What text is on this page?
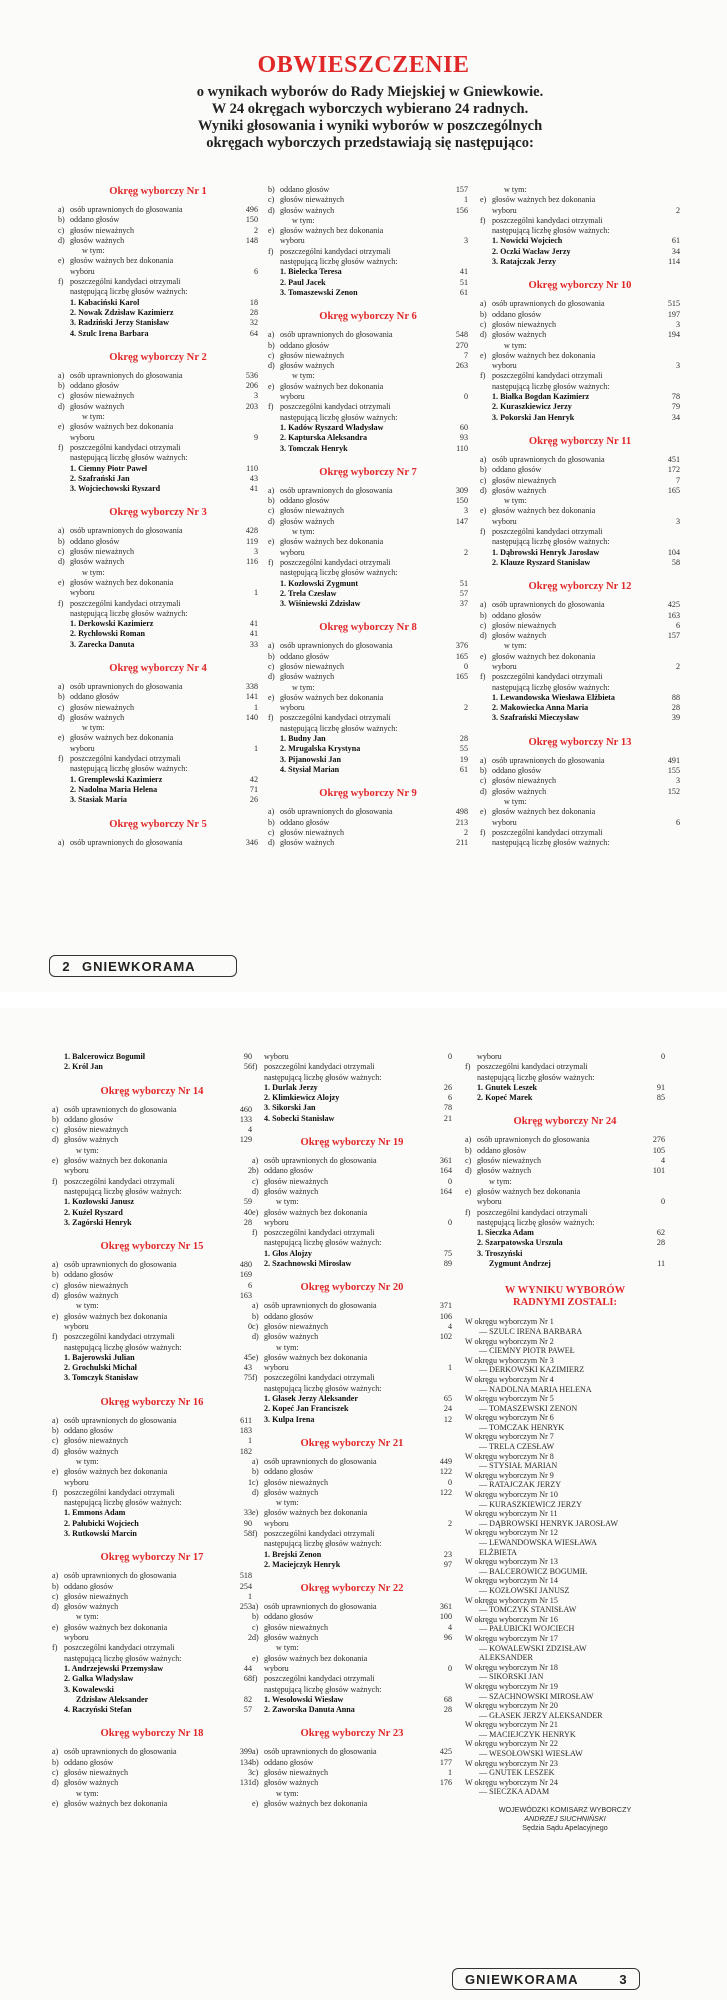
OBWIESZCZENIE
o wynikach wyborów do Rady Miejskiej w Gniewkowie.
W 24 okręgach wyborczych wybierano 24 radnych.
Wyniki głosowania i wyniki wyborów w poszczególnych
okręgach wyborczych przedstawiają się następująco:
Okręg wyborczy Nr 1
a) osób uprawnionych do głosowania	496
b) oddano głosów	150
c) głosów nieważnych	2
d) głosów ważnych	148
w tym:
e) głosów ważnych bez dokonania
wyboru	6
f) poszczególni kandydaci otrzymali
następującą liczbę głosów ważnych:
1. Kabaciński Karol	18
2. Nowak Zdzisław Kazimierz	28
3. Radziński Jerzy Stanisław	32
4. Szulc Irena Barbara	64
Okręg wyborczy Nr 2
a) osób uprawnionych do głosowania	536
b) oddano głosów	206
c) głosów nieważnych	3
d) głosów ważnych	203
w tym:
e) głosów ważnych bez dokonania
wyboru	9
f) poszczególni kandydaci otrzymali
następującą liczbę głosów ważnych:
1. Ciemny Piotr Paweł	110
2. Szafrański Jan	43
3. Wojciechowski Ryszard	41
Okręg wyborczy Nr 3
a) osób uprawnionych do głosowania	428
b) oddano głosów	119
c) głosów nieważnych	3
d) głosów ważnych	116
w tym:
e) głosów ważnych bez dokonania
wyboru	1
f) poszczególni kandydaci otrzymali
następującą liczbę głosów ważnych:
1. Derkowski Kazimierz	41
2. Rychłowski Roman	41
3. Zarecka Danuta	33
Okręg wyborczy Nr 4
a) osób uprawnionych do głosowania	338
b) oddano głosów	141
c) głosów nieważnych	1
d) głosów ważnych	140
w tym:
e) głosów ważnych bez dokonania
wyboru	1
f) poszczególni kandydaci otrzymali
następującą liczbę głosów ważnych:
1. Gremplewski Kazimierz	42
2. Nadolna Maria Helena	71
3. Stasiak Maria	26
Okręg wyborczy Nr 5
a) osób uprawnionych do głosowania	346
b) oddano głosów	157
c) głosów nieważnych	1
d) głosów ważnych	156
w tym:
e) głosów ważnych bez dokonania
wyboru	3
f) poszczególni kandydaci otrzymali
następującą liczbę głosów ważnych:
1. Bielecka Teresa	41
2. Paul Jacek	51
3. Tomaszewski Zenon	61
Okręg wyborczy Nr 6
a) osób uprawnionych do głosowania	548
b) oddano głosów	270
c) głosów nieważnych	7
d) głosów ważnych	263
w tym:
e) głosów ważnych bez dokonania
wyboru	0
f) poszczególni kandydaci otrzymali
następującą liczbę głosów ważnych:
1. Kadów Ryszard Władysław	60
2. Kapturska Aleksandra	93
3. Tomczak Henryk	110
Okręg wyborczy Nr 7
a) osób uprawnionych do głosowania	309
b) oddano głosów	150
c) głosów nieważnych	3
d) głosów ważnych	147
w tym:
e) głosów ważnych bez dokonania
wyboru	2
f) poszczególni kandydaci otrzymali
następującą liczbę głosów ważnych:
1. Kozłowski Zygmunt	51
2. Trela Czesław	57
3. Wiśniewski Zdzisław	37
Okręg wyborczy Nr 8
a) osób uprawnionych do głosowania	376
b) oddano głosów	165
c) głosów nieważnych	0
d) głosów ważnych	165
w tym:
e) głosów ważnych bez dokonania
wyboru	2
f) poszczególni kandydaci otrzymali
następującą liczbę głosów ważnych:
1. Budny Jan	28
2. Mrugalska Krystyna	55
3. Pijanowski Jan	19
4. Stysiał Marian	61
Okręg wyborczy Nr 9
a) osób uprawnionych do głosowania	498
b) oddano głosów	213
c) głosów nieważnych	2
d) głosów ważnych	211
w tym:
e) głosów ważnych bez dokonania
wyboru	2
f) poszczególni kandydaci otrzymali
następującą liczbę głosów ważnych:
1. Nowicki Wojciech	61
2. Oczki Wacław Jerzy	34
3. Ratajczak Jerzy	114
Okręg wyborczy Nr 10
a) osób uprawnionych do głosowania	515
b) oddano głosów	197
c) głosów nieważnych	3
d) głosów ważnych	194
w tym:
e) głosów ważnych bez dokonania
wyboru	3
f) poszczególni kandydaci otrzymali
następującą liczbę głosów ważnych:
1. Białka Bogdan Kazimierz	78
2. Kuraszkiewicz Jerzy	79
3. Pokorski Jan Henryk	34
Okręg wyborczy Nr 11
a) osób uprawnionych do głosowania	451
b) oddano głosów	172
c) głosów nieważnych	7
d) głosów ważnych	165
w tym:
e) głosów ważnych bez dokonania
wyboru	3
f) poszczególni kandydaci otrzymali
następującą liczbę głosów ważnych:
1. Dąbrowski Henryk Jarosław	104
2. Klauze Ryszard Stanisław	58
Okręg wyborczy Nr 12
a) osób uprawnionych do głosowania	425
b) oddano głosów	163
c) głosów nieważnych	6
d) głosów ważnych	157
w tym:
e) głosów ważnych bez dokonania
wyboru	2
f) poszczególni kandydaci otrzymali
następującą liczbę głosów ważnych:
1. Lewandowska Wiesława Elżbieta	88
2. Makowiecka Anna Maria	28
3. Szafrański Mieczysław	39
Okręg wyborczy Nr 13
a) osób uprawnionych do głosowania	491
b) oddano głosów	155
c) głosów nieważnych	3
d) głosów ważnych	152
w tym:
e) głosów ważnych bez dokonania
wyboru	6
f) poszczególni kandydaci otrzymali
następującą liczbę głosów ważnych:
2 GNIEWKORAMA
1. Balcerowicz Bogumił	90
2. Król Jan	56
Okręg wyborczy Nr 14
a) osób uprawnionych do głosowania	460
b) oddano głosów	133
c) głosów nieważnych	4
d) głosów ważnych	129
w tym:
e) głosów ważnych bez dokonania
wyboru	2
f) poszczególni kandydaci otrzymali
następującą liczbę głosów ważnych:
1. Kozłowski Janusz	59
2. Kuźel Ryszard	40
3. Zagórski Henryk	28
Okręg wyborczy Nr 15
a) osób uprawnionych do głosowania	480
b) oddano głosów	169
c) głosów nieważnych	6
d) głosów ważnych	163
w tym:
e) głosów ważnych bez dokonania
wyboru	0
f) poszczególni kandydaci otrzymali
następującą liczbę głosów ważnych:
1. Bajerowski Julian	45
2. Grochulski Michał	43
3. Tomczyk Stanisław	75
Okręg wyborczy Nr 16
a) osób uprawnionych do głosowania	611
b) oddano głosów	183
c) głosów nieważnych	1
d) głosów ważnych	182
w tym:
e) głosów ważnych bez dokonania
wyboru	1
f) poszczególni kandydaci otrzymali
następującą liczbę głosów ważnych:
1. Emmons Adam	33
2. Pałubicki Wojciech	90
3. Rutkowski Marcin	58
Okręg wyborczy Nr 17
a) osób uprawnionych do głosowania	518
b) oddano głosów	254
c) głosów nieważnych	1
d) głosów ważnych	253
w tym:
e) głosów ważnych bez dokonania
wyboru	2
f) poszczególni kandydaci otrzymali
następującą liczbę głosów ważnych:
1. Andrzejewski Przemysław	44
2. Gałka Władysław	68
3. Kowalewski
Zdzisław Aleksander	82
4. Raczyński Stefan	57
Okręg wyborczy Nr 18
a) osób uprawnionych do głosowania	399
b) oddano głosów	134
c) głosów nieważnych	3
d) głosów ważnych	131
w tym:
e) głosów ważnych bez dokonania
wyboru	0
f) poszczególni kandydaci otrzymali
następującą liczbę głosów ważnych:
1. Durlak Jerzy	26
2. Klimkiewicz Alojzy	6
3. Sikorski Jan	78
4. Sobecki Stanisław	21
Okręg wyborczy Nr 19
a) osób uprawnionych do głosowania	361
b) oddano głosów	164
c) głosów nieważnych	0
d) głosów ważnych	164
w tym:
e) głosów ważnych bez dokonania
wyboru	0
f) poszczególni kandydaci otrzymali
następującą liczbę głosów ważnych:
1. Głos Alojzy	75
2. Szachnowski Mirosław	89
Okręg wyborczy Nr 20
a) osób uprawnionych do głosowania	371
b) oddano głosów	106
c) głosów nieważnych	4
d) głosów ważnych	102
w tym:
e) głosów ważnych bez dokonania
wyboru	1
f) poszczególni kandydaci otrzymali
następującą liczbę głosów ważnych:
1. Głasek Jerzy Aleksander	65
2. Kopeć Jan Franciszek	24
3. Kulpa Irena	12
Okręg wyborczy Nr 21
a) osób uprawnionych do głosowania	449
b) oddano głosów	122
c) głosów nieważnych	0
d) głosów ważnych	122
w tym:
e) głosów ważnych bez dokonania
wyboru	2
f) poszczególni kandydaci otrzymali
następującą liczbę głosów ważnych:
1. Brejski Zenon	23
2. Maciejczyk Henryk	97
Okręg wyborczy Nr 22
a) osób uprawnionych do głosowania	361
b) oddano głosów	100
c) głosów nieważnych	4
d) głosów ważnych	96
w tym:
e) głosów ważnych bez dokonania
wyboru	0
f) poszczególni kandydaci otrzymali
następującą liczbę głosów ważnych:
1. Wesołowski Wiesław	68
2. Zaworska Danuta Anna	28
Okręg wyborczy Nr 23
a) osób uprawnionych do głosowania	425
b) oddano głosów	177
c) głosów nieważnych	1
d) głosów ważnych	176
w tym:
e) głosów ważnych bez dokonania
wyboru	0
f) poszczególni kandydaci otrzymali
następującą liczbę głosów ważnych:
1. Gnutek Leszek	91
2. Kopeć Marek	85
Okręg wyborczy Nr 24
a) osób uprawnionych do głosowania	276
b) oddano głosów	105
c) głosów nieważnych	4
d) głosów ważnych	101
w tym:
e) głosów ważnych bez dokonania
wyboru	0
f) poszczególni kandydaci otrzymali
następującą liczbę głosów ważnych:
1. Sieczka Adam	62
2. Szarpatowska Urszula	28
3. Troszyński
Zygmunt Andrzej	11
W WYNIKU WYBORÓW
RADNYMI ZOSTALI:
W okręgu wyborczym Nr 1
— SZULC IRENA BARBARA
W okręgu wyborczym Nr 2
— CIEMNY PIOTR PAWEŁ
W okręgu wyborczym Nr 3
— DERKOWSKI KAZIMIERZ
W okręgu wyborczym Nr 4
— NADOLNA MARIA HELENA
W okręgu wyborczym Nr 5
— TOMASZEWSKI ZENON
W okręgu wyborczym Nr 6
— TOMCZAK HENRYK
W okręgu wyborczym Nr 7
— TRELA CZESŁAW
W okręgu wyborczym Nr 8
— STYSIAŁ MARIAN
W okręgu wyborczym Nr 9
— RATAJCZAK JERZY
W okręgu wyborczym Nr 10
— KURASZKIEWICZ JERZY
W okręgu wyborczym Nr 11
— DĄBROWSKI HENRYK JAROSŁAW
W okręgu wyborczym Nr 12
— LEWANDOWSKA WIESŁAWA
ELŻBIETA
W okręgu wyborczym Nr 13
— BALCEROWICZ BOGUMIŁ
W okręgu wyborczym Nr 14
— KOZŁOWSKI JANUSZ
W okręgu wyborczym Nr 15
— TOMCZYK STANISŁAW
W okręgu wyborczym Nr 16
— PAŁUBICKI WOJCIECH
W okręgu wyborczym Nr 17
— KOWALEWSKI ZDZISŁAW
ALEKSANDER
W okręgu wyborczym Nr 18
— SIKORSKI JAN
W okręgu wyborczym Nr 19
— SZACHNOWSKI MIROSŁAW
W okręgu wyborczym Nr 20
— GŁASEK JERZY ALEKSANDER
W okręgu wyborczym Nr 21
— MACIEJCZYK HENRYK
W okręgu wyborczym Nr 22
— WESOŁOWSKI WIESŁAW
W okręgu wyborczym Nr 23
— GNUTEK LESZEK
W okręgu wyborczym Nr 24
— SIECZKA ADAM
WOJEWÓDZKI KOMISARZ WYBORCZY
ANDRZEJ SIUCHNIŃSKI
Sędzia Sądu Apelacyjnego
GNIEWKORAMA	3
